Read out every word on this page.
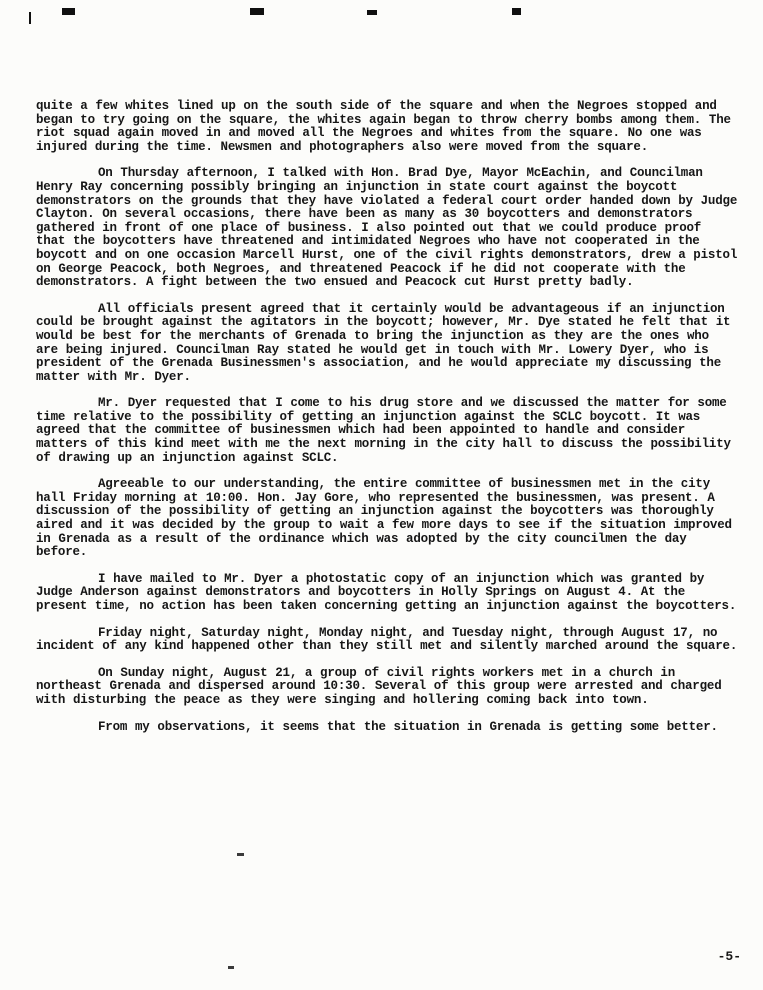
quite a few whites lined up on the south side of the square and when the Negroes stopped and began to try going on the square, the whites again began to throw cherry bombs among them. The riot squad again moved in and moved all the Negroes and whites from the square. No one was injured during the time. Newsmen and photographers also were moved from the square.

On Thursday afternoon, I talked with Hon. Brad Dye, Mayor McEachin, and Councilman Henry Ray concerning possibly bringing an injunction in state court against the boycott demonstrators on the grounds that they have violated a federal court order handed down by Judge Clayton. On several occasions, there have been as many as 30 boycotters and demonstrators gathered in front of one place of business. I also pointed out that we could produce proof that the boycotters have threatened and intimidated Negroes who have not cooperated in the boycott and on one occasion Marcell Hurst, one of the civil rights demonstrators, drew a pistol on George Peacock, both Negroes, and threatened Peacock if he did not cooperate with the demonstrators. A fight between the two ensued and Peacock cut Hurst pretty badly.

All officials present agreed that it certainly would be advantageous if an injunction could be brought against the agitators in the boycott; however, Mr. Dye stated he felt that it would be best for the merchants of Grenada to bring the injunction as they are the ones who are being injured. Councilman Ray stated he would get in touch with Mr. Lowery Dyer, who is president of the Grenada Businessmen's association, and he would appreciate my discussing the matter with Mr. Dyer.

Mr. Dyer requested that I come to his drug store and we discussed the matter for some time relative to the possibility of getting an injunction against the SCLC boycott. It was agreed that the committee of businessmen which had been appointed to handle and consider matters of this kind meet with me the next morning in the city hall to discuss the possibility of drawing up an injunction against SCLC.

Agreeable to our understanding, the entire committee of businessmen met in the city hall Friday morning at 10:00. Hon. Jay Gore, who represented the businessmen, was present. A discussion of the possibility of getting an injunction against the boycotters was thoroughly aired and it was decided by the group to wait a few more days to see if the situation improved in Grenada as a result of the ordinance which was adopted by the city councilmen the day before.

I have mailed to Mr. Dyer a photostatic copy of an injunction which was granted by Judge Anderson against demonstrators and boycotters in Holly Springs on August 4. At the present time, no action has been taken concerning getting an injunction against the boycotters.

Friday night, Saturday night, Monday night, and Tuesday night, through August 17, no incident of any kind happened other than they still met and silently marched around the square.

On Sunday night, August 21, a group of civil rights workers met in a church in northeast Grenada and dispersed around 10:30. Several of this group were arrested and charged with disturbing the peace as they were singing and hollering coming back into town.

From my observations, it seems that the situation in Grenada is getting some better.

-5-
